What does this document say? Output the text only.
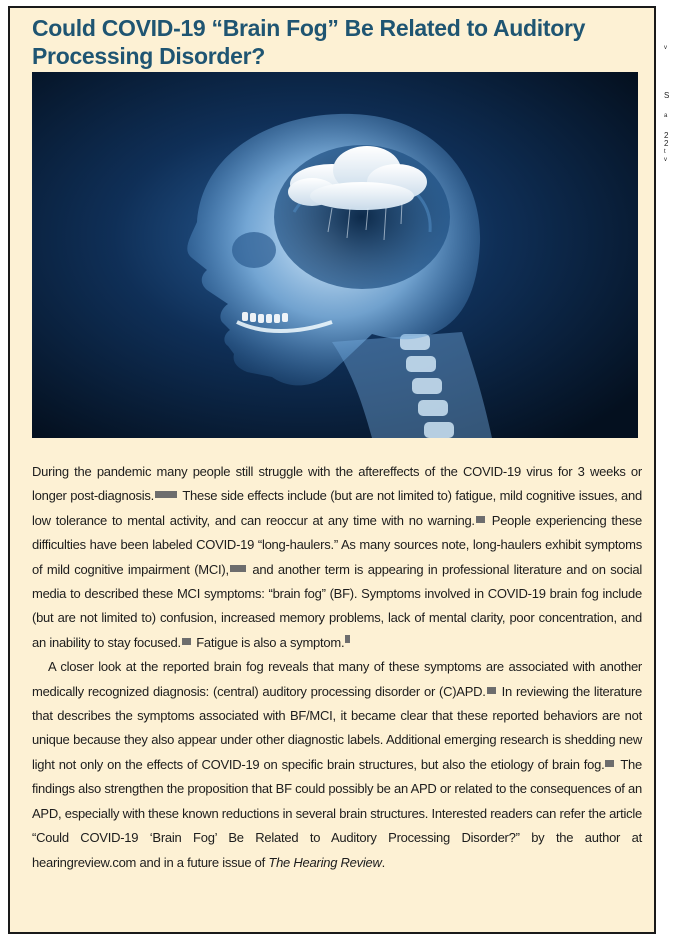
Could COVID-19 “Brain Fog” Be Related to Auditory Processing Disorder?

During the pandemic many people still struggle with the aftereffects of the COVID-19 virus for 3 weeks or longer post-diagnosis. These side effects include (but are not limited to) fatigue, mild cognitive issues, and low tolerance to mental activity, and can reoccur at any time with no warning. People experiencing these difficulties have been labeled COVID-19 “long-haulers.” As many sources note, long-haulers exhibit symptoms of mild cognitive impairment (MCI), and another term is appearing in professional literature and on social media to described these MCI symptoms: “brain fog” (BF). Symptoms involved in COVID-19 brain fog include (but are not limited to) confusion, increased memory problems, lack of mental clarity, poor concentration, and an inability to stay focused. Fatigue is also a symptom.

A closer look at the reported brain fog reveals that many of these symptoms are associated with another medically recognized diagnosis: (central) auditory processing disorder or (C)APD. In reviewing the literature that describes the symptoms associated with BF/MCI, it became clear that these reported behaviors are not unique because they also appear under other diagnostic labels. Additional emerging research is shedding new light not only on the effects of COVID-19 on specific brain structures, but also the etiology of brain fog. The findings also strengthen the proposition that BF could possibly be an APD or related to the consequences of an APD, especially with these known reductions in several brain structures. Interested readers can refer the article “Could COVID-19 ‘Brain Fog’ Be Related to Auditory Processing Disorder?” by the author at hearingreview.com and in a future issue of The Hearing Review.

v
S
a
2
2
t
v
